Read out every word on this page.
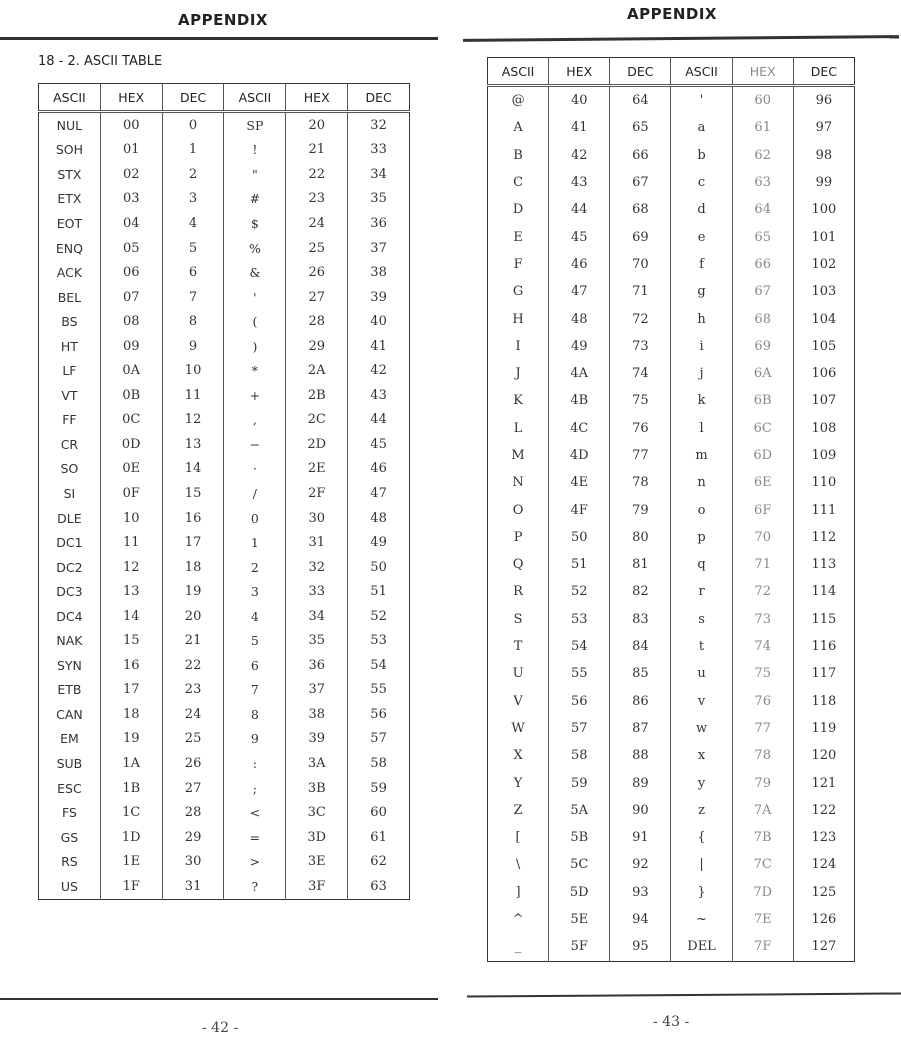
APPENDIX
18 - 2. ASCII TABLE
ASCII	HEX	DEC	ASCII	HEX	DEC
NUL	00	0	SP	20	32
SOH	01	1	!	21	33
STX	02	2	"	22	34
ETX	03	3	#	23	35
EOT	04	4	$	24	36
ENQ	05	5	%	25	37
ACK	06	6	&	26	38
BEL	07	7	'	27	39
BS	08	8	(	28	40
HT	09	9	)	29	41
LF	0A	10	*	2A	42
VT	0B	11	+	2B	43
FF	0C	12	,	2C	44
CR	0D	13	−	2D	45
SO	0E	14	·	2E	46
SI	0F	15	/	2F	47
DLE	10	16	0	30	48
DC1	11	17	1	31	49
DC2	12	18	2	32	50
DC3	13	19	3	33	51
DC4	14	20	4	34	52
NAK	15	21	5	35	53
SYN	16	22	6	36	54
ETB	17	23	7	37	55
CAN	18	24	8	38	56
EM	19	25	9	39	57
SUB	1A	26	:	3A	58
ESC	1B	27	;	3B	59
FS	1C	28	<	3C	60
GS	1D	29	=	3D	61
RS	1E	30	>	3E	62
US	1F	31	?	3F	63
- 42 -
APPENDIX
ASCII	HEX	DEC	ASCII	HEX	DEC
@	40	64	'	60	96
A	41	65	a	61	97
B	42	66	b	62	98
C	43	67	c	63	99
D	44	68	d	64	100
E	45	69	e	65	101
F	46	70	f	66	102
G	47	71	g	67	103
H	48	72	h	68	104
I	49	73	i	69	105
J	4A	74	j	6A	106
K	4B	75	k	6B	107
L	4C	76	l	6C	108
M	4D	77	m	6D	109
N	4E	78	n	6E	110
O	4F	79	o	6F	111
P	50	80	p	70	112
Q	51	81	q	71	113
R	52	82	r	72	114
S	53	83	s	73	115
T	54	84	t	74	116
U	55	85	u	75	117
V	56	86	v	76	118
W	57	87	w	77	119
X	58	88	x	78	120
Y	59	89	y	79	121
Z	5A	90	z	7A	122
[	5B	91	{	7B	123
\	5C	92	|	7C	124
]	5D	93	}	7D	125
^	5E	94	~	7E	126
_	5F	95	DEL	7F	127
- 43 -
